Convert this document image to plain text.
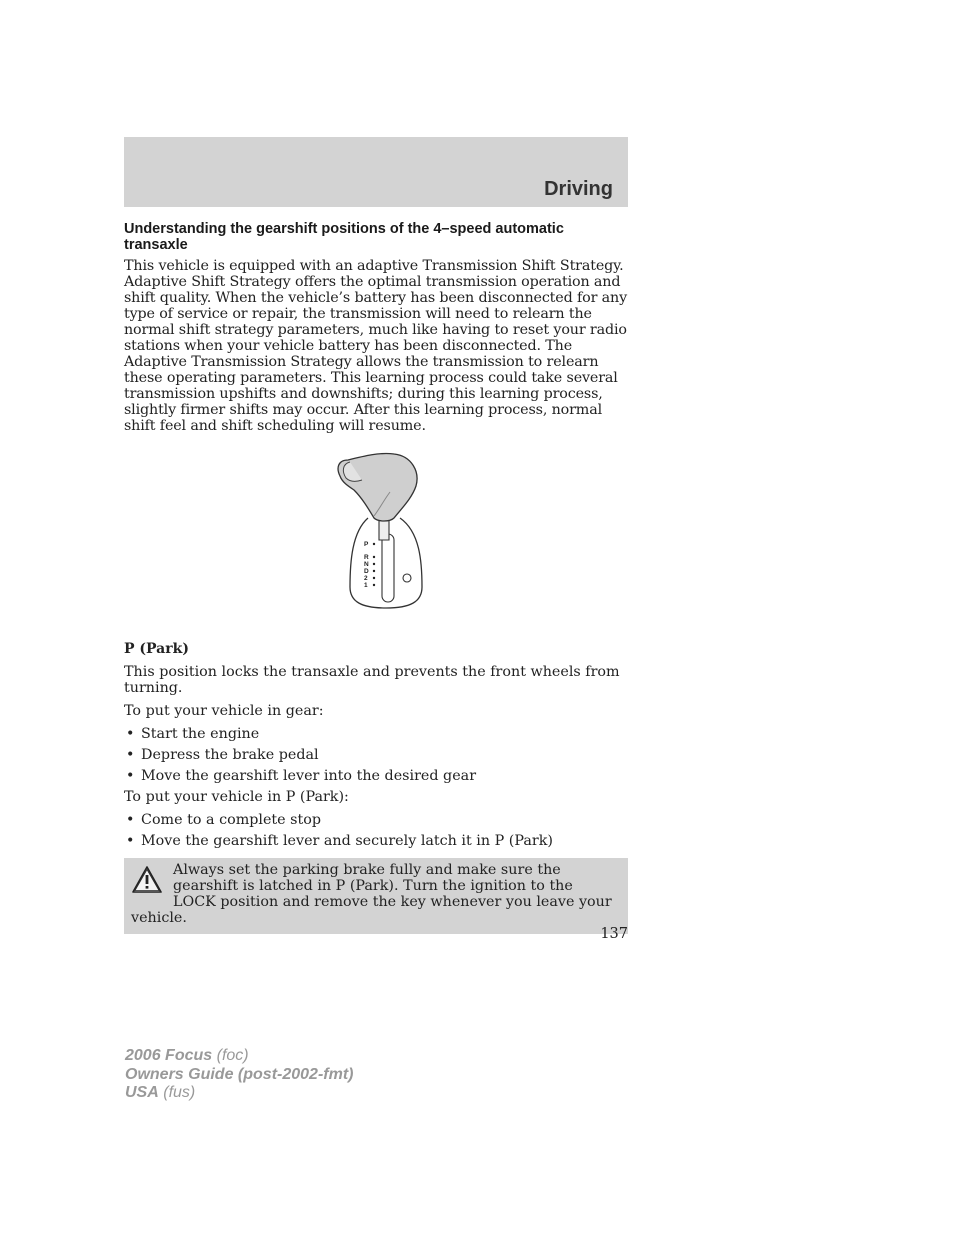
Driving
Understanding the gearshift positions of the 4–speed automatic transaxle

This vehicle is equipped with an adaptive Transmission Shift Strategy. Adaptive Shift Strategy offers the optimal transmission operation and shift quality. When the vehicle’s battery has been disconnected for any type of service or repair, the transmission will need to relearn the normal shift strategy parameters, much like having to reset your radio stations when your vehicle battery has been disconnected. The Adaptive Transmission Strategy allows the transmission to relearn these operating parameters. This learning process could take several transmission upshifts and downshifts; during this learning process, slightly firmer shifts may occur. After this learning process, normal shift feel and shift scheduling will resume.

P
R
N
D
2
1
P (Park)

This position locks the transaxle and prevents the front wheels from turning.

To put your vehicle in gear:

• Start the engine
• Depress the brake pedal
• Move the gearshift lever into the desired gear

To put your vehicle in P (Park):

• Come to a complete stop
• Move the gearshift lever and securely latch it in P (Park)

Always set the parking brake fully and make sure the gearshift is latched in P (Park). Turn the ignition to the LOCK position and remove the key whenever you leave your vehicle.

137
2006 Focus (foc)
Owners Guide (post-2002-fmt)
USA (fus)
